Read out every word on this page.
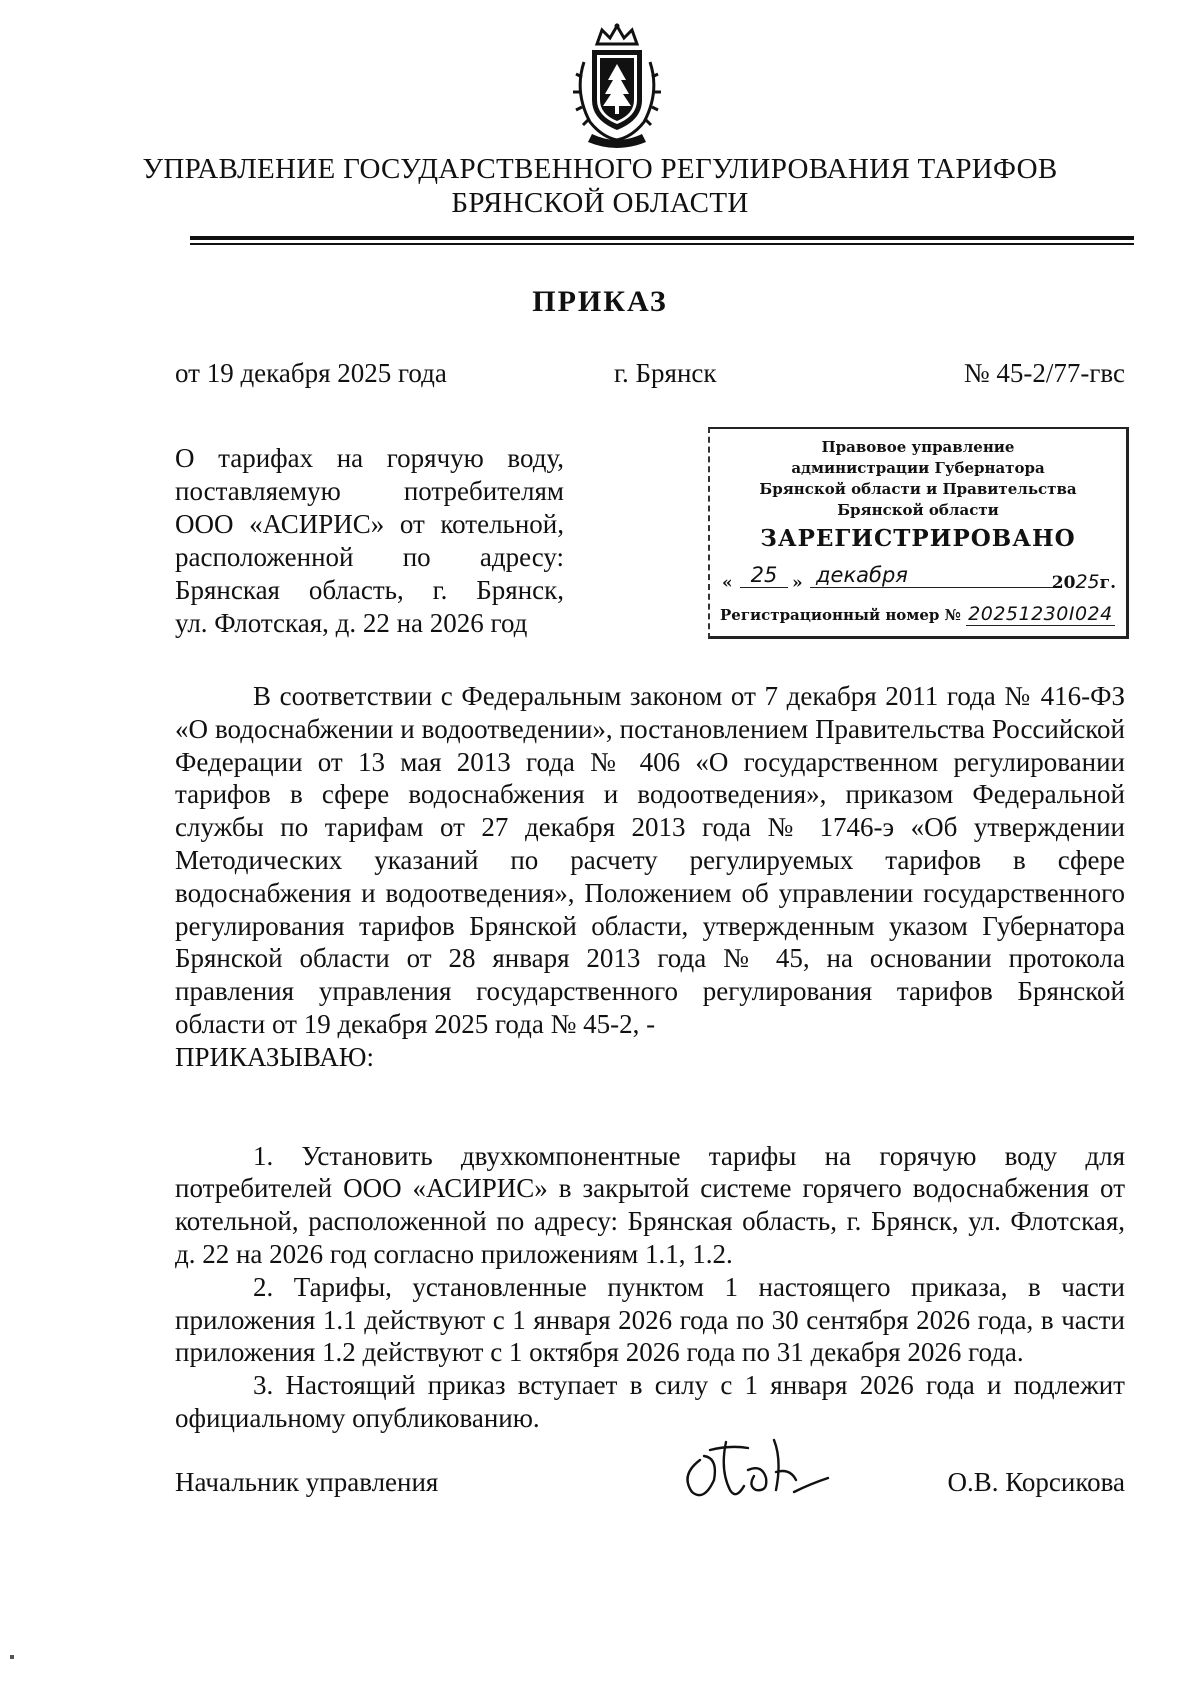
УПРАВЛЕНИЕ ГОСУДАРСТВЕННОГО РЕГУЛИРОВАНИЯ ТАРИФОВ
БРЯНСКОЙ ОБЛАСТИ
ПРИКАЗ
от 19 декабря 2025 года	г. Брянск	№ 45-2/77-гвс
О тарифах на горячую воду,
поставляемую потребителям
ООО «АСИРИС» от котельной,
расположенной по адресу:
Брянская область, г. Брянск,
ул. Флотская, д. 22 на 2026 год
Правовое управление
администрации Губернатора
Брянской области и Правительства
Брянской области
ЗАРЕГИСТРИРОВАНО
« 25 » декабря	2025г.
Регистрационный номер № 20251230I024

В соответствии с Федеральным законом от 7 декабря 2011 года № 416-ФЗ «О водоснабжении и водоотведении», постановлением Правительства Российской Федерации от 13 мая 2013 года № 406 «О государственном регулировании тарифов в сфере водоснабжения и водоотведения», приказом Федеральной службы по тарифам от 27 декабря 2013 года № 1746-э «Об утверждении Методических указаний по расчету регулируемых тарифов в сфере водоснабжения и водоотведения», Положением об управлении государственного регулирования тарифов Брянской области, утвержденным указом Губернатора Брянской области от 28 января 2013 года № 45, на основании протокола правления управления государственного регулирования тарифов Брянской области от 19 декабря 2025 года № 45-2, -

ПРИКАЗЫВАЮ:

1. Установить двухкомпонентные тарифы на горячую воду для потребителей ООО «АСИРИС» в закрытой системе горячего водоснабжения от котельной, расположенной по адресу: Брянская область, г. Брянск, ул. Флотская, д. 22 на 2026 год согласно приложениям 1.1, 1.2.

2. Тарифы, установленные пунктом 1 настоящего приказа, в части приложения 1.1 действуют с 1 января 2026 года по 30 сентября 2026 года, в части приложения 1.2 действуют с 1 октября 2026 года по 31 декабря 2026 года.

3. Настоящий приказ вступает в силу с 1 января 2026 года и подлежит официальному опубликованию.

Начальник управления	О.В. Корсикова
